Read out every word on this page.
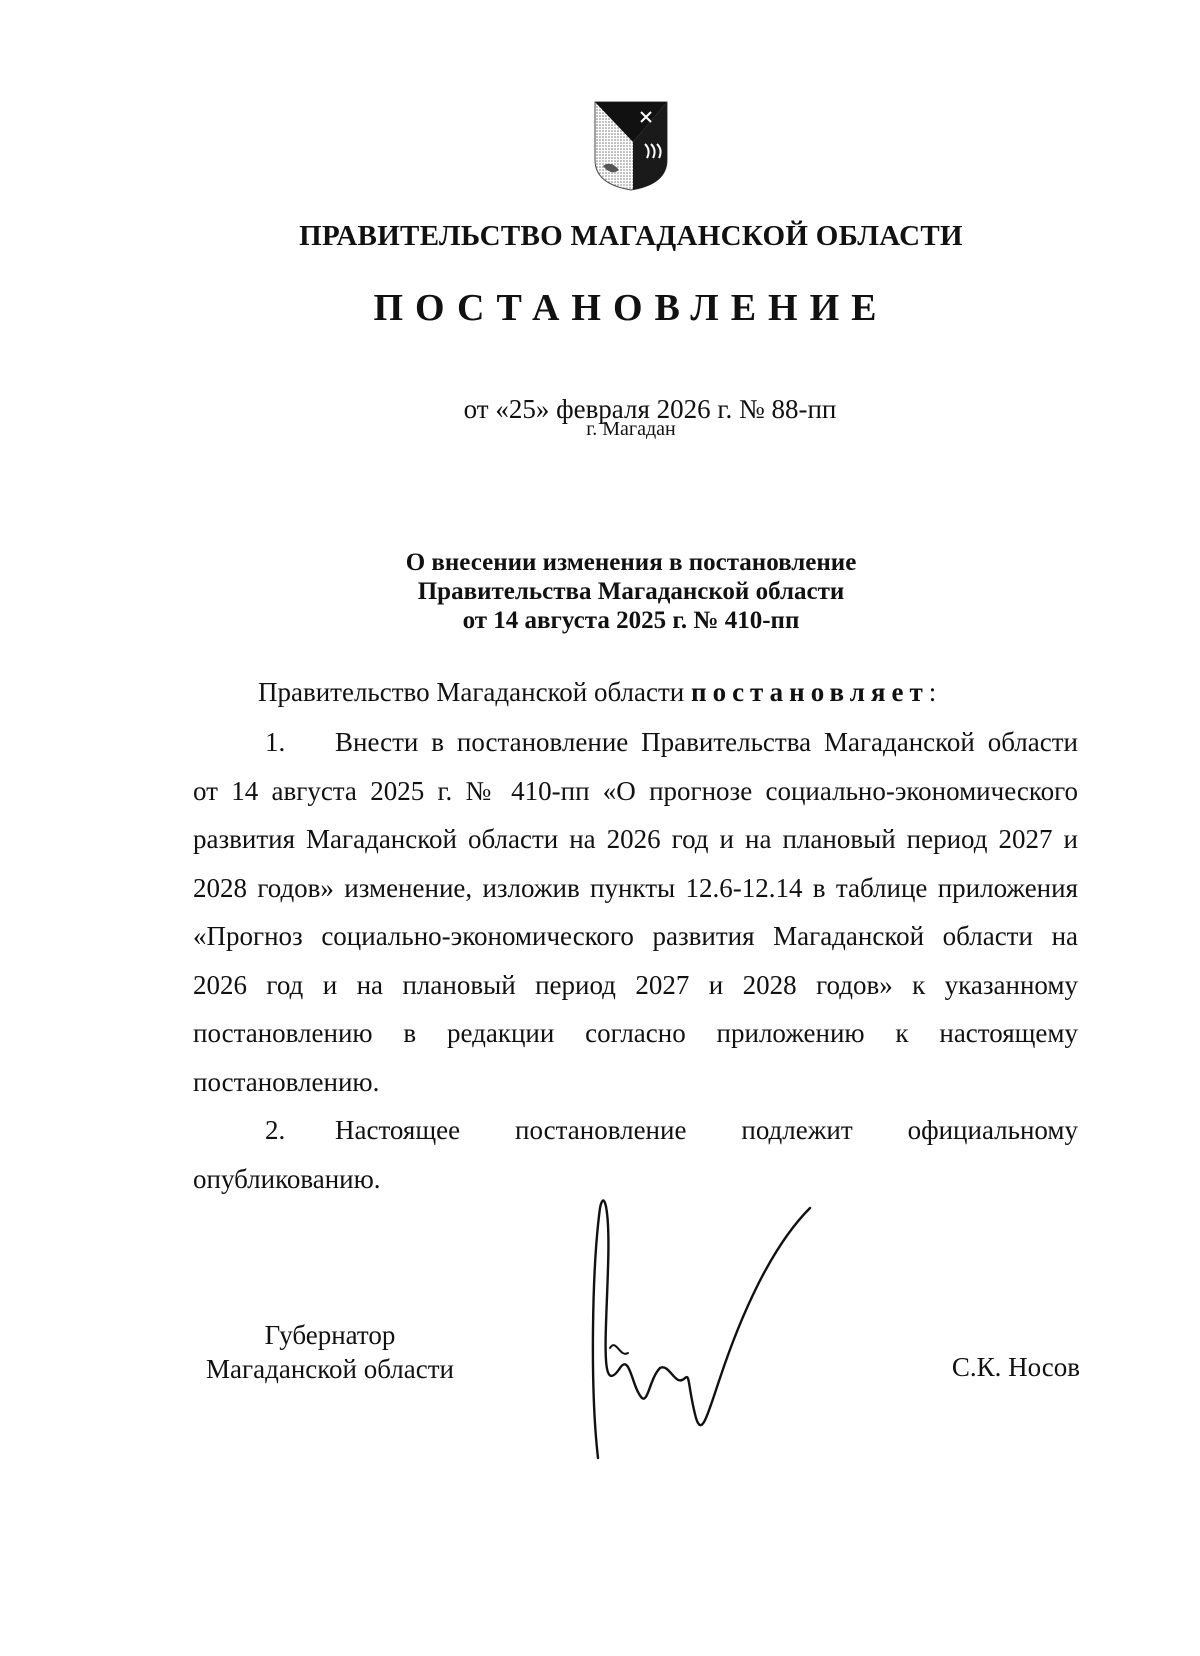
ПРАВИТЕЛЬСТВО МАГАДАНСКОЙ ОБЛАСТИ
ПОСТАНОВЛЕНИЕ
от «25» февраля 2026 г. № 88-пп
г. Магадан
О внесении изменения в постановление
Правительства Магаданской области
от 14 августа 2025 г. № 410-пп
Правительство Магаданской области постановляет:
1. Внести в постановление Правительства Магаданской области от 14 августа 2025 г. № 410-пп «О прогнозе социально-экономического развития Магаданской области на 2026 год и на плановый период 2027 и 2028 годов» изменение, изложив пункты 12.6-12.14 в таблице приложения «Прогноз социально-экономического развития Магаданской области на 2026 год и на плановый период 2027 и 2028 годов» к указанному постановлению в редакции согласно приложению к настоящему постановлению.
2. Настоящее постановление подлежит официальному
опубликованию.
Губернатор
Магаданской области	С.К. Носов
